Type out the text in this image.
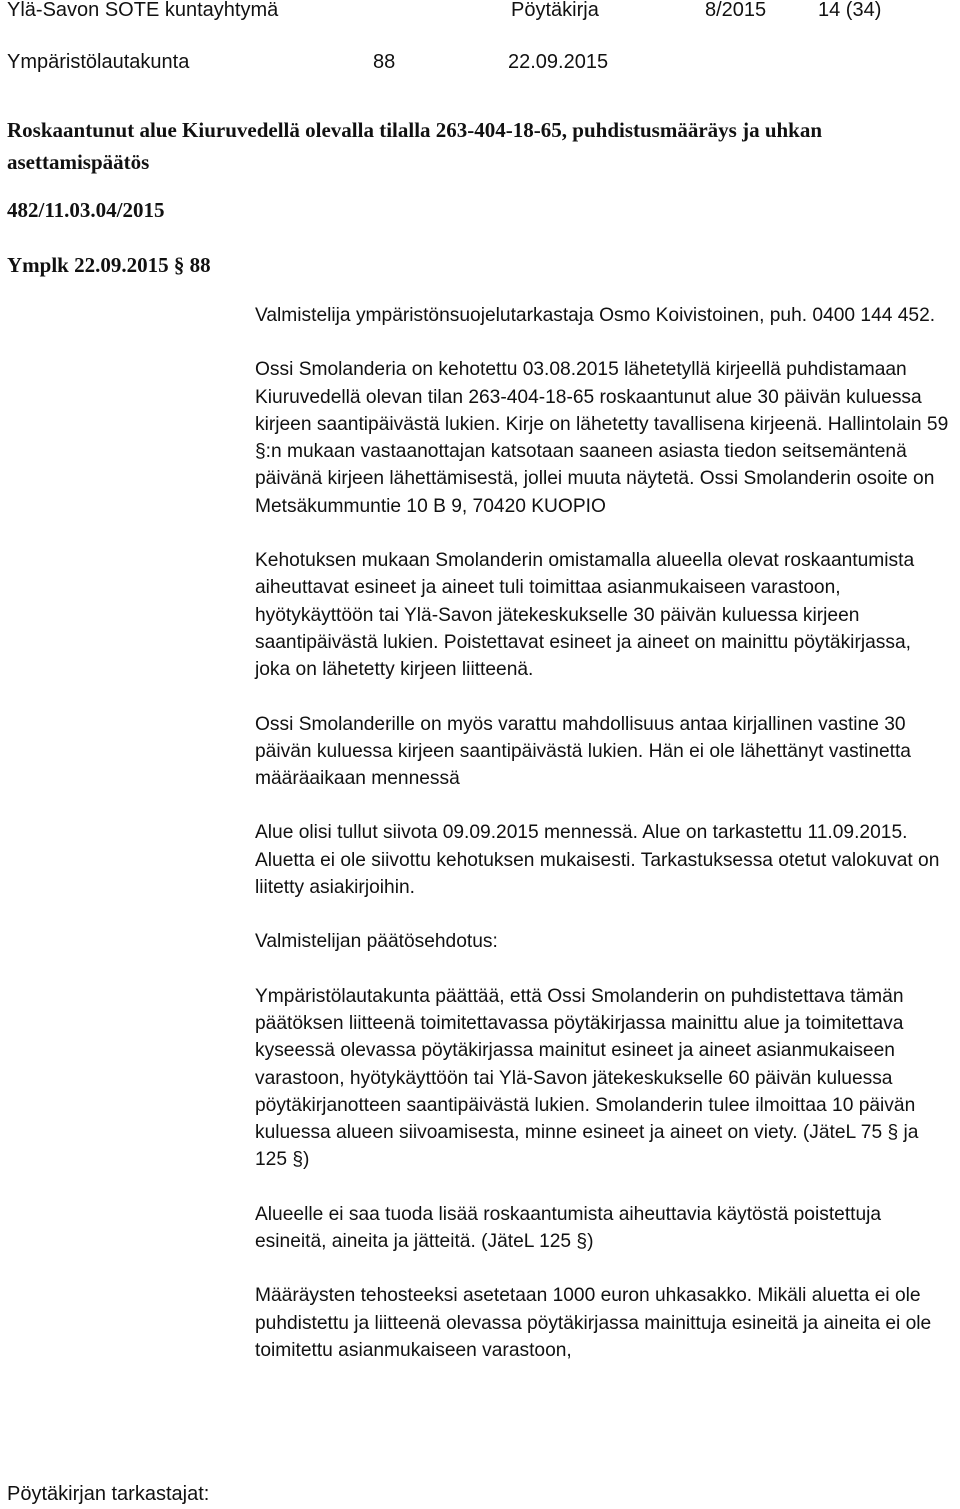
Ylä-Savon SOTE kuntayhtymä	Pöytäkirja	8/2015	14 (34)
Ympäristölautakunta	88	22.09.2015
Roskaantunut alue Kiuruvedellä olevalla tilalla 263-404-18-65, puhdistusmääräys ja uhkan asettamispäätös
482/11.03.04/2015
Ymplk 22.09.2015 § 88

Valmistelija ympäristönsuojelutarkastaja Osmo Koivistoinen, puh. 0400 144 452.

Ossi Smolanderia on kehotettu 03.08.2015 lähetetyllä kirjeellä puhdistamaan Kiuruvedellä olevan tilan 263-404-18-65 roskaantunut alue 30 päivän kuluessa kirjeen saantipäivästä lukien. Kirje on lähetetty tavallisena kirjeenä. Hallintolain 59 §:n mukaan vastaanottajan katsotaan saaneen asiasta tiedon seitsemäntenä päivänä kirjeen lähettämisestä, jollei muuta näytetä. Ossi Smolanderin osoite on Metsäkummuntie 10 B 9, 70420 KUOPIO

Kehotuksen mukaan Smolanderin omistamalla alueella olevat roskaantumista aiheuttavat esineet ja aineet tuli toimittaa asianmukaiseen varastoon, hyötykäyttöön tai Ylä-Savon jätekeskukselle 30 päivän kuluessa kirjeen saantipäivästä lukien. Poistettavat esineet ja aineet on mainittu pöytäkirjassa, joka on lähetetty kirjeen liitteenä.

Ossi Smolanderille on myös varattu mahdollisuus antaa kirjallinen vastine 30 päivän kuluessa kirjeen saantipäivästä lukien. Hän ei ole lähettänyt vastinetta määräaikaan mennessä

Alue olisi tullut siivota 09.09.2015 mennessä. Alue on tarkastettu 11.09.2015. Aluetta ei ole siivottu kehotuksen mukaisesti. Tarkastuksessa otetut valokuvat on liitetty asiakirjoihin.

Valmistelijan päätösehdotus:

Ympäristölautakunta päättää, että Ossi Smolanderin on puhdistettava tämän päätöksen liitteenä toimitettavassa pöytäkirjassa mainittu alue ja toimitettava kyseessä olevassa pöytäkirjassa mainitut esineet ja aineet asianmukaiseen varastoon, hyötykäyttöön tai Ylä-Savon jätekeskukselle 60 päivän kuluessa pöytäkirjanotteen saantipäivästä lukien. Smolanderin tulee ilmoittaa 10 päivän kuluessa alueen siivoamisesta, minne esineet ja aineet on viety. (JäteL 75 § ja 125 §)

Alueelle ei saa tuoda lisää roskaantumista aiheuttavia käytöstä poistettuja esineitä, aineita ja jätteitä. (JäteL 125 §)

Määräysten tehosteeksi asetetaan 1000 euron uhkasakko. Mikäli aluetta ei ole puhdistettu ja liitteenä olevassa pöytäkirjassa mainittuja esineitä ja aineita ei ole toimitettu asianmukaiseen varastoon,

Pöytäkirjan tarkastajat:
